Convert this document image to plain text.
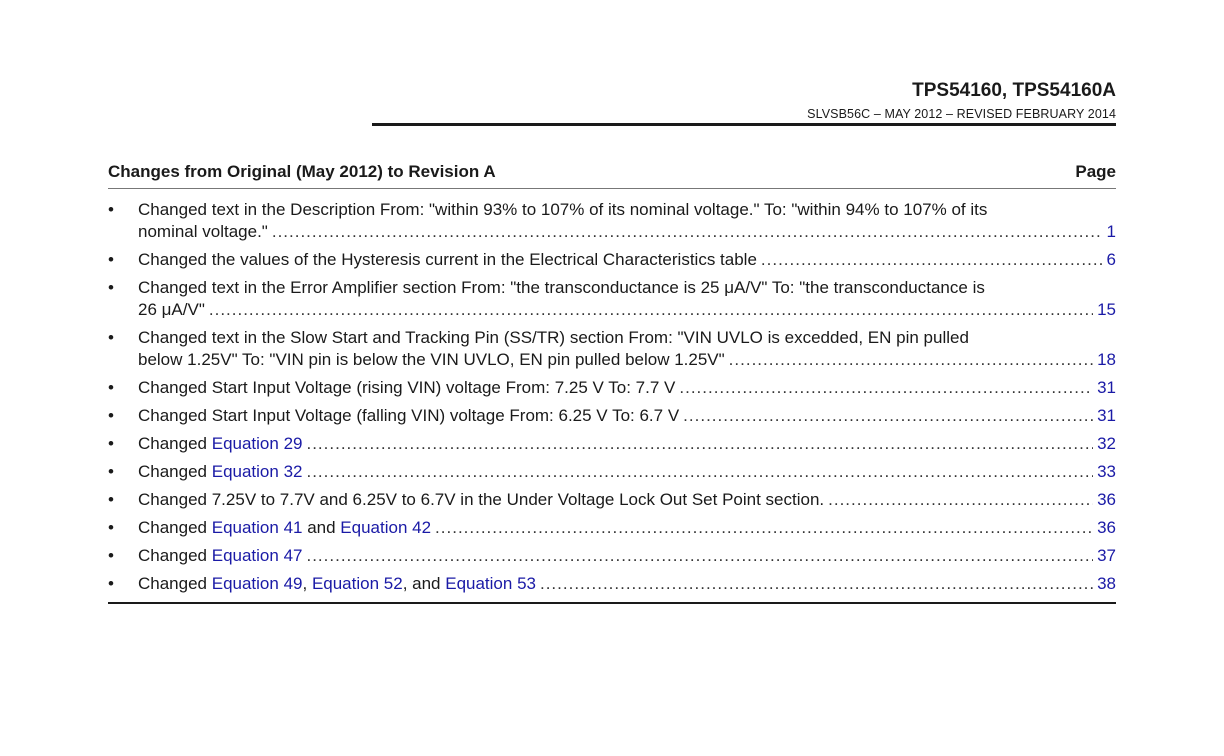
TPS54160, TPS54160A
SLVSB56C – MAY 2012 – REVISED FEBRUARY 2014
Changes from Original (May 2012) to Revision A	Page
• Changed text in the Description From: "within 93% to 107% of its nominal voltage." To: "within 94% to 107% of its
nominal voltage." .....	1
• Changed the values of the Hysteresis current in the Electrical Characteristics table .....	6
• Changed text in the Error Amplifier section From: "the transconductance is 25 μA/V" To: "the transconductance is
26 μA/V" .....	15
• Changed text in the Slow Start and Tracking Pin (SS/TR) section From: "VIN UVLO is excedded, EN pin pulled
below 1.25V" To: "VIN pin is below the VIN UVLO, EN pin pulled below 1.25V" .....	18
• Changed Start Input Voltage (rising VIN) voltage From: 7.25 V To: 7.7 V .....	31
• Changed Start Input Voltage (falling VIN) voltage From: 6.25 V To: 6.7 V .....	31
• Changed Equation 29 .....	32
• Changed Equation 32 .....	33
• Changed 7.25V to 7.7V and 6.25V to 6.7V in the Under Voltage Lock Out Set Point section. .....	36
• Changed Equation 41 and Equation 42 .....	36
• Changed Equation 47 .....	37
• Changed Equation 49, Equation 52, and Equation 53 .....	38
